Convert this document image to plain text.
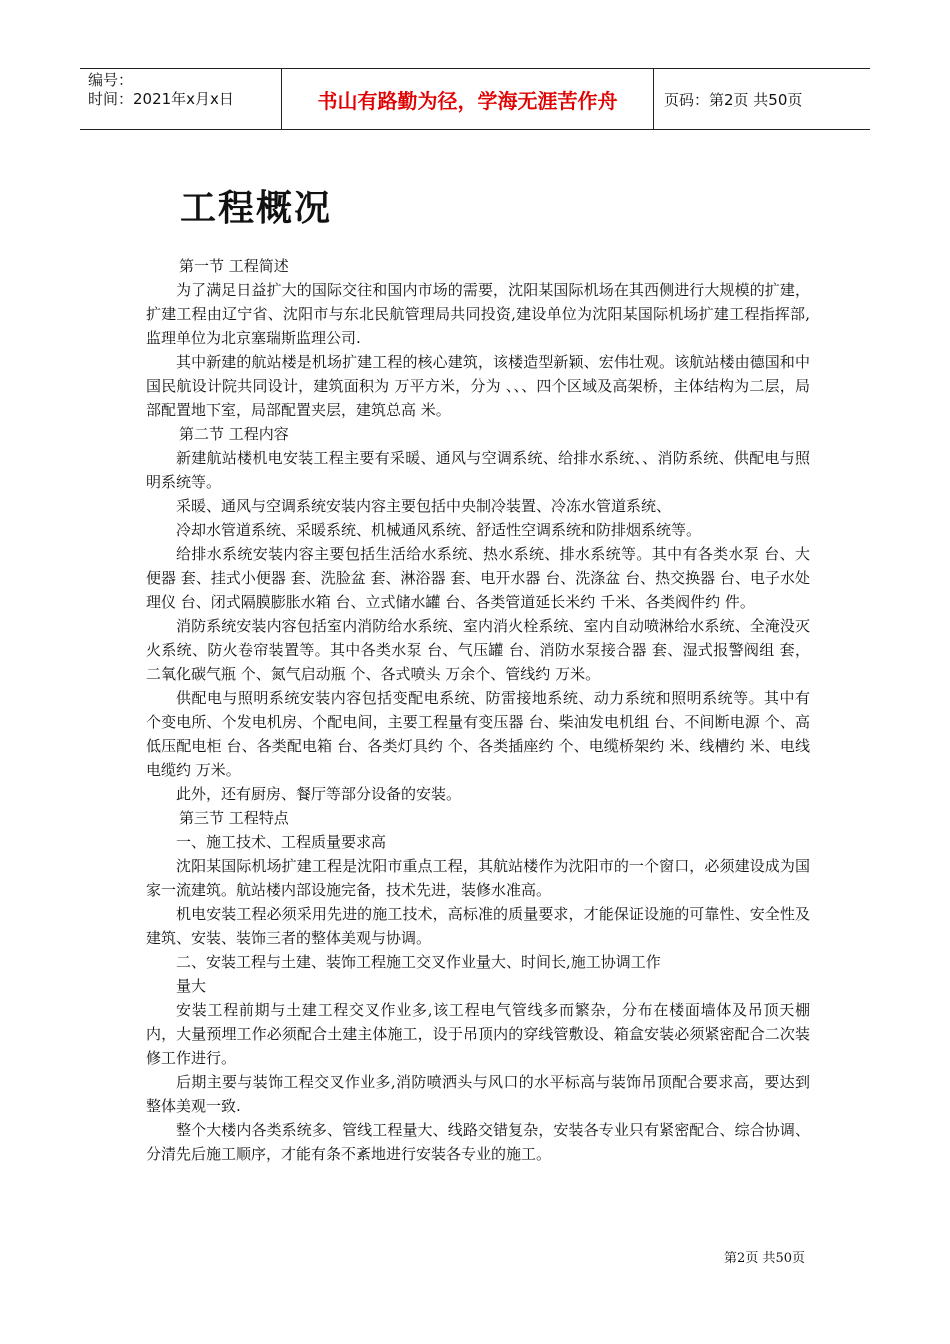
编号：
时间：2021年x月x日	书山有路勤为径，学海无涯苦作舟	页码：第2页 共50页
工程概况

第一节 工程简述

为了满足日益扩大的国际交往和国内市场的需要，沈阳某国际机场在其西侧进行大规模的扩建，扩建工程由辽宁省、沈阳市与东北民航管理局共同投资,建设单位为沈阳某国际机场扩建工程指挥部,监理单位为北京塞瑞斯监理公司.

其中新建的航站楼是机场扩建工程的核心建筑，该楼造型新颖、宏伟壮观。该航站楼由德国和中国民航设计院共同设计，建筑面积为 万平方米，分为 、、、四个区域及高架桥，主体结构为二层，局部配置地下室，局部配置夹层，建筑总高 米。

第二节 工程内容

新建航站楼机电安装工程主要有采暖、通风与空调系统、给排水系统、、消防系统、供配电与照明系统等。

采暖、通风与空调系统安装内容主要包括中央制冷装置、冷冻水管道系统、

冷却水管道系统、采暖系统、机械通风系统、舒适性空调系统和防排烟系统等。

给排水系统安装内容主要包括生活给水系统、热水系统、排水系统等。其中有各类水泵 台、大便器 套、挂式小便器 套、洗脸盆 套、淋浴器 套、电开水器 台、洗涤盆 台、热交换器 台、电子水处理仪 台、闭式隔膜膨胀水箱 台、立式储水罐 台、各类管道延长米约 千米、各类阀件约 件。

消防系统安装内容包括室内消防给水系统、室内消火栓系统、室内自动喷淋给水系统、全淹没灭火系统、防火卷帘装置等。其中各类水泵 台、气压罐 台、消防水泵接合器 套、湿式报警阀组 套，二氧化碳气瓶 个、氮气启动瓶 个、各式喷头 万余个、管线约 万米。

供配电与照明系统安装内容包括变配电系统、防雷接地系统、动力系统和照明系统等。其中有 个变电所、个发电机房、个配电间，主要工程量有变压器 台、柴油发电机组 台、不间断电源 个、高低压配电柜 台、各类配电箱 台、各类灯具约 个、各类插座约 个、电缆桥架约 米、线槽约 米、电线电缆约 万米。

此外，还有厨房、餐厅等部分设备的安装。

第三节 工程特点

一、施工技术、工程质量要求高

沈阳某国际机场扩建工程是沈阳市重点工程，其航站楼作为沈阳市的一个窗口，必须建设成为国家一流建筑。航站楼内部设施完备，技术先进，装修水准高。

机电安装工程必须采用先进的施工技术，高标准的质量要求，才能保证设施的可靠性、安全性及建筑、安装、装饰三者的整体美观与协调。

二、安装工程与土建、装饰工程施工交叉作业量大、时间长,施工协调工作

量大

安装工程前期与土建工程交叉作业多,该工程电气管线多而繁杂，分布在楼面墙体及吊顶天棚内，大量预埋工作必须配合土建主体施工，设于吊顶内的穿线管敷设、箱盒安装必须紧密配合二次装修工作进行。

后期主要与装饰工程交叉作业多,消防喷洒头与风口的水平标高与装饰吊顶配合要求高，要达到整体美观一致.

整个大楼内各类系统多、管线工程量大、线路交错复杂，安装各专业只有紧密配合、综合协调、分清先后施工顺序，才能有条不紊地进行安装各专业的施工。

第2页 共50页
